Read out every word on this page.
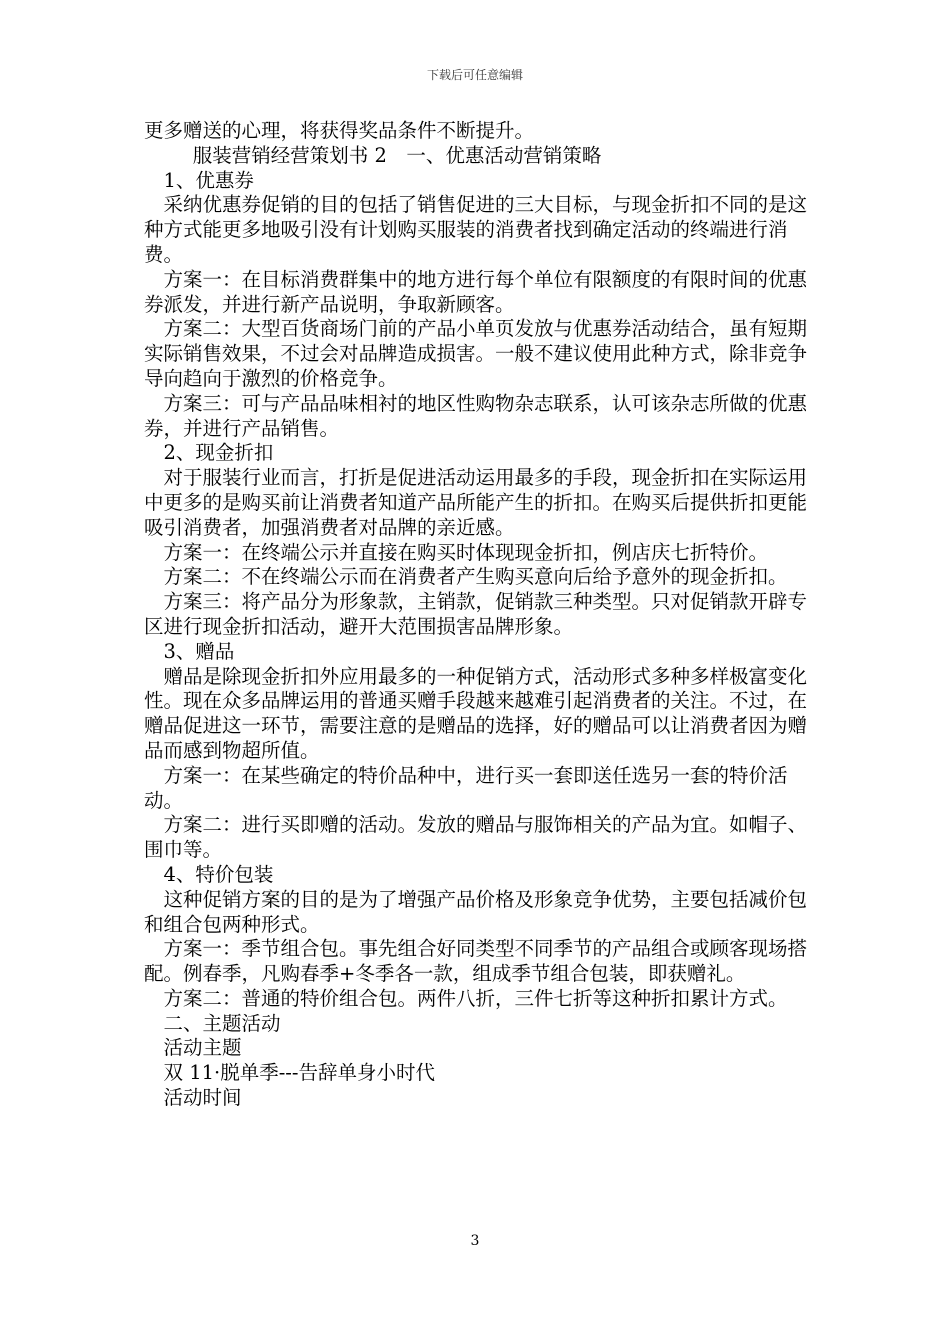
下载后可任意编辑

更多赠送的心理，将获得奖品条件不断提升。

服装营销经营策划书 2　一、优惠活动营销策略

1、优惠券

采纳优惠券促销的目的包括了销售促进的三大目标，与现金折扣不同的是这种方式能更多地吸引没有计划购买服装的消费者找到确定活动的终端进行消费。

方案一：在目标消费群集中的地方进行每个单位有限额度的有限时间的优惠券派发，并进行新产品说明，争取新顾客。

方案二：大型百货商场门前的产品小单页发放与优惠券活动结合，虽有短期实际销售效果，不过会对品牌造成损害。一般不建议使用此种方式，除非竞争导向趋向于激烈的价格竞争。

方案三：可与产品品味相衬的地区性购物杂志联系，认可该杂志所做的优惠券，并进行产品销售。

2、现金折扣

对于服装行业而言，打折是促进活动运用最多的手段，现金折扣在实际运用中更多的是购买前让消费者知道产品所能产生的折扣。在购买后提供折扣更能吸引消费者，加强消费者对品牌的亲近感。

方案一：在终端公示并直接在购买时体现现金折扣，例店庆七折特价。

方案二：不在终端公示而在消费者产生购买意向后给予意外的现金折扣。

方案三：将产品分为形象款，主销款，促销款三种类型。只对促销款开辟专区进行现金折扣活动，避开大范围损害品牌形象。

3、赠品

赠品是除现金折扣外应用最多的一种促销方式，活动形式多种多样极富变化性。现在众多品牌运用的普通买赠手段越来越难引起消费者的关注。不过，在赠品促进这一环节，需要注意的是赠品的选择，好的赠品可以让消费者因为赠品而感到物超所值。

方案一：在某些确定的特价品种中，进行买一套即送任选另一套的特价活动。

方案二：进行买即赠的活动。发放的赠品与服饰相关的产品为宜。如帽子、围巾等。

4、特价包装

这种促销方案的目的是为了增强产品价格及形象竞争优势，主要包括减价包和组合包两种形式。

方案一：季节组合包。事先组合好同类型不同季节的产品组合或顾客现场搭配。例春季，凡购春季+冬季各一款，组成季节组合包装，即获赠礼。

方案二：普通的特价组合包。两件八折，三件七折等这种折扣累计方式。

二、主题活动

活动主题

双 11·脱单季---告辞单身小时代

活动时间

3
